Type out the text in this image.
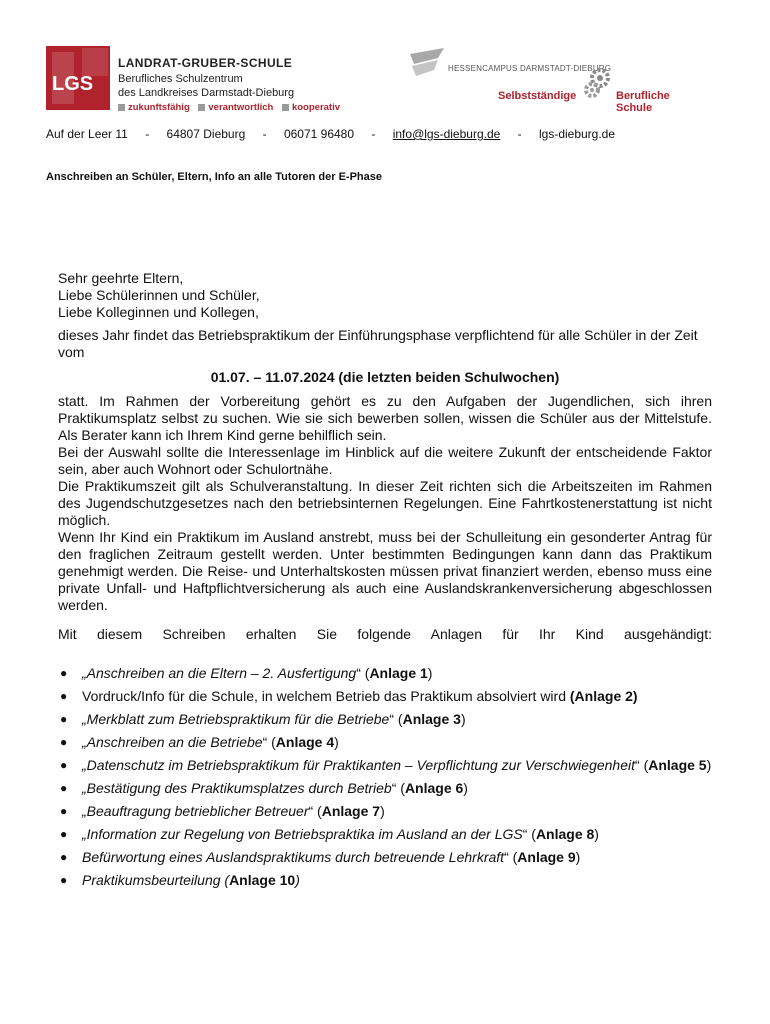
LGS
LANDRAT-GRUBER-SCHULE
Berufliches Schulzentrum
des Landkreises Darmstadt-Dieburg
zukunftsfähig verantwortlich kooperativ
HESSENCAMPUS DARMSTADT-DIEBURG
Selbstständige	Berufliche
Schule
Auf der Leer 11 - 64807 Dieburg - 06071 96480 - info@lgs-dieburg.de - lgs-dieburg.de
Anschreiben an Schüler, Eltern, Info an alle Tutoren der E-Phase
Sehr geehrte Eltern,
Liebe Schülerinnen und Schüler,
Liebe Kolleginnen und Kollegen,
dieses Jahr findet das Betriebspraktikum der Einführungsphase verpflichtend für alle Schüler in der Zeit vom
01.07. – 11.07.2024 (die letzten beiden Schulwochen)

statt. Im Rahmen der Vorbereitung gehört es zu den Aufgaben der Jugendlichen, sich ihren Praktikumsplatz selbst zu suchen. Wie sie sich bewerben sollen, wissen die Schüler aus der Mittelstufe. Als Berater kann ich Ihrem Kind gerne behilflich sein.

Bei der Auswahl sollte die Interessenlage im Hinblick auf die weitere Zukunft der entscheidende Faktor sein, aber auch Wohnort oder Schulortnähe.

Die Praktikumszeit gilt als Schulveranstaltung. In dieser Zeit richten sich die Arbeitszeiten im Rahmen des Jugendschutzgesetzes nach den betriebsinternen Regelungen. Eine Fahrtkostenerstattung ist nicht möglich.

Wenn Ihr Kind ein Praktikum im Ausland anstrebt, muss bei der Schulleitung ein gesonderter Antrag für den fraglichen Zeitraum gestellt werden. Unter bestimmten Bedingungen kann dann das Praktikum genehmigt werden. Die Reise- und Unterhaltskosten müssen privat finanziert werden, ebenso muss eine private Unfall- und Haftpflichtversicherung als auch eine Auslandskrankenversicherung abgeschlossen werden.

Mit diesem Schreiben erhalten Sie folgende Anlagen für Ihr Kind ausgehändigt:
● „Anschreiben an die Eltern – 2. Ausfertigung“ (Anlage 1)
● Vordruck/Info für die Schule, in welchem Betrieb das Praktikum absolviert wird (Anlage 2)
● „Merkblatt zum Betriebspraktikum für die Betriebe“ (Anlage 3)
● „Anschreiben an die Betriebe“ (Anlage 4)
● „Datenschutz im Betriebspraktikum für Praktikanten – Verpflichtung zur Verschwiegenheit“ (Anlage 5)
● „Bestätigung des Praktikumsplatzes durch Betrieb“ (Anlage 6)
● „Beauftragung betrieblicher Betreuer“ (Anlage 7)
● „Information zur Regelung von Betriebspraktika im Ausland an der LGS“ (Anlage 8)
● Befürwortung eines Auslandspraktikums durch betreuende Lehrkraft“ (Anlage 9)
● Praktikumsbeurteilung (Anlage 10)
